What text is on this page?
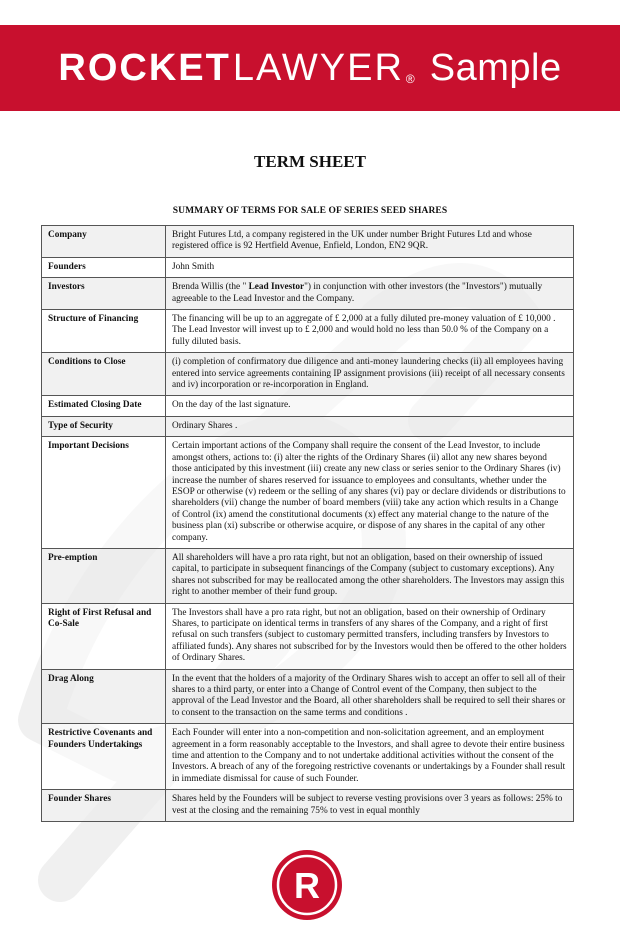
ROCKET LAWYER ® Sample
TERM SHEET
SUMMARY OF TERMS FOR SALE OF SERIES SEED SHARES
Company	Bright Futures Ltd, a company registered in the UK under number Bright Futures Ltd and whose registered office is 92 Hertfield Avenue, Enfield, London, EN2 9QR.
Founders	John Smith
Investors	Brenda Willis (the " Lead Investor") in conjunction with other investors (the "Investors") mutually agreeable to the Lead Investor and the Company.
Structure of Financing	The financing will be up to an aggregate of £ 2,000 at a fully diluted pre-money valuation of £ 10,000 . The Lead Investor will invest up to £ 2,000 and would hold no less than 50.0 % of the Company on a fully diluted basis.
Conditions to Close	(i) completion of confirmatory due diligence and anti-money laundering checks (ii) all employees having entered into service agreements containing IP assignment provisions (iii) receipt of all necessary consents and iv) incorporation or re-incorporation in England.
Estimated Closing Date	On the day of the last signature.
Type of Security	Ordinary Shares .
Important Decisions	Certain important actions of the Company shall require the consent of the Lead Investor, to include amongst others, actions to: (i) alter the rights of the Ordinary Shares (ii) allot any new shares beyond those anticipated by this investment (iii) create any new class or series senior to the Ordinary Shares (iv) increase the number of shares reserved for issuance to employees and consultants, whether under the ESOP or otherwise (v) redeem or the selling of any shares (vi) pay or declare dividends or distributions to shareholders (vii) change the number of board members (viii) take any action which results in a Change of Control (ix) amend the constitutional documents (x) effect any material change to the nature of the business plan (xi) subscribe or otherwise acquire, or dispose of any shares in the capital of any other company.
Pre-emption	All shareholders will have a pro rata right, but not an obligation, based on their ownership of issued capital, to participate in subsequent financings of the Company (subject to customary exceptions). Any shares not subscribed for may be reallocated among the other shareholders. The Investors may assign this right to another member of their fund group.
Right of First Refusal and Co-Sale	The Investors shall have a pro rata right, but not an obligation, based on their ownership of Ordinary Shares, to participate on identical terms in transfers of any shares of the Company, and a right of first refusal on such transfers (subject to customary permitted transfers, including transfers by Investors to affiliated funds). Any shares not subscribed for by the Investors would then be offered to the other holders of Ordinary Shares.
Drag Along	In the event that the holders of a majority of the Ordinary Shares wish to accept an offer to sell all of their shares to a third party, or enter into a Change of Control event of the Company, then subject to the approval of the Lead Investor and the Board, all other shareholders shall be required to sell their shares or to consent to the transaction on the same terms and conditions .
Restrictive Covenants and Founders Undertakings	Each Founder will enter into a non-competition and non-solicitation agreement, and an employment agreement in a form reasonably acceptable to the Investors, and shall agree to devote their entire business time and attention to the Company and to not undertake additional activities without the consent of the Investors. A breach of any of the foregoing restrictive covenants or undertakings by a Founder shall result in immediate dismissal for cause of such Founder.
Founder Shares	Shares held by the Founders will be subject to reverse vesting provisions over 3 years as follows: 25% to vest at the closing and the remaining 75% to vest in equal monthly
R
